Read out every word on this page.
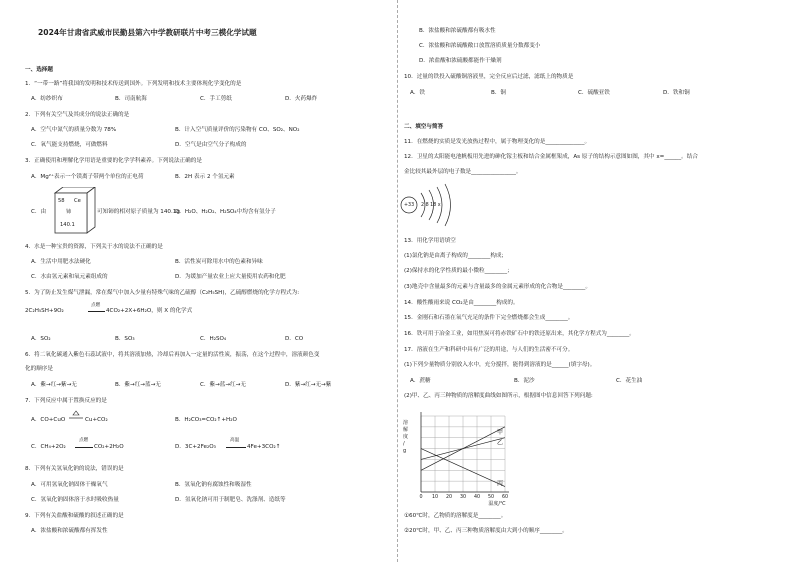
2024年甘肃省武威市民勤县第六中学教研联片中考三模化学试题
一、选择题
1．“一带一路”将我国的发明和技术传送到国外。下列发明和技术主要体现化学变化的是
A．纺纱织布	B．司南航海	C．手工剪纸	D．火药爆炸
2．下列有关空气及其成分的说法正确的是
A．空气中氮气的质量分数为 78%	B．计入空气质量评价的污染物有 CO、SO₂、NO₂
C．氧气能支持燃烧，可做燃料	D．空气是由空气分子构成的
3．正确使用和理解化学用语是重要的化学学科素养。下列说法正确的是
A．Mg²⁺表示一个镁离子带两个单位的正电荷	B．2H 表示 2 个氢元素
C．由
58 Ce
铈
140.1
可知铈的相对原子质量为 140.1g
D．H₂O、H₂O₂、H₂SO₄中均含有氢分子
4．水是一种宝贵的资源，下列关于水的说法不正确的是
A．生活中用肥水法硬化	B．活性炭可除用水中的色素和异味
C．水由氢元素和氧元素组成的	D．为缓加产量农业上应大量使用农药和化肥
5．为了防止发生煤气泄漏，常在煤气中加入少量有特殊气味的乙硫醇（C₂H₅SH)，乙硫醇燃烧的化学方程式为:
2C₂H₅SH+9O₂
点燃
4CO₂+2X+6H₂O，则 X 的化学式
A．SO₂	B．SO₃	C．H₂SO₄	D．CO
6．将二氧化碳通入紫色石蕊试液中，将其溶液加热，冷却后再加入一定量的活性炭，振荡，在这个过程中，溶液颜色变
化的顺序是
A．紫→红→紫→无	B．紫→红→蓝→无	C．紫→蓝→红→无	D．紫→红→无→紫
7．下列反应中属于置换反应的是
A．CO+CuO	Cu+CO₂	B．H₂CO₃=CO₂↑+H₂O
C．CH₄+2O₂
点燃
CO₂+2H₂O	D．3C+2Fe₂O₃
高温
4Fe+3CO₂↑
8．下列有关氢氧化钠的说法，错误的是
A．可用氢氧化钠固体干燥氧气	B．氢氧化钠有腐蚀性和吸湿性
C．氢氧化钠固体溶于水时吸收热量	D．氢氧化钠可用于制肥皂、洗涤剂、造纸等
9．下列有关盐酸和硫酸的叙述正确的是
A．浓盐酸和浓硫酸都有挥发性
B．浓盐酸和浓硫酸都有吸水性
C．浓盐酸和浓硫酸敞口放置溶质质量分数都变小
D．浓盐酸和浓硫酸都能作干燥剂
10．过量的铁投入硫酸铜溶液里，完全反应后过滤，滤纸上的物质是
A．铁	B．铜	C．硫酸亚铁	D．铁和铜
二、填空与简答
11．在燃烧的实质是发光放热过程中，属于物理变化的是______________。
12．卫星的太阳能电池帆板用先进的砷化镓主板和结合金属框架成，As 原子的结构示意图如图，其中 x=______。结合
金比较其最外层的电子数是________________。
+33 2 8 18 x
13．用化学用语填空
(1)氯化钠是由离子构成的________构成；
(2)保持水的化学性质的最小微粒________；
(3)地壳中含量最多的元素与含量最多的金属元素形成的化合物是________。
14．酸性酸雨来说 CO₂是由________构成的。
15．金刚石和石墨在氧气充足的条件下完全燃烧都会生成________。
16．铁可用于冶金工业，如用焦炭可将赤铁矿石中的铁还原出来，其化学方程式为________。
17．溶液在生产和科研中具有广泛的用途，与人们的生活密不可分。
(1)下列少量物质分别放入水中，充分搅拌，能得到溶液的是______(填字母)。
A．蔗糖	B．泥沙	C．花生油
(2)甲、乙、丙三种物质的溶解度曲线如图所示，根据图中信息回答下列问题:
0 10 20 30 40 50 60
温度/℃
溶
解
度
/
g
甲
乙
丙
①60℃时，乙物质的溶解度是________。
②20℃时，甲、乙、丙三种物质溶解度由大到小的顺序________。
